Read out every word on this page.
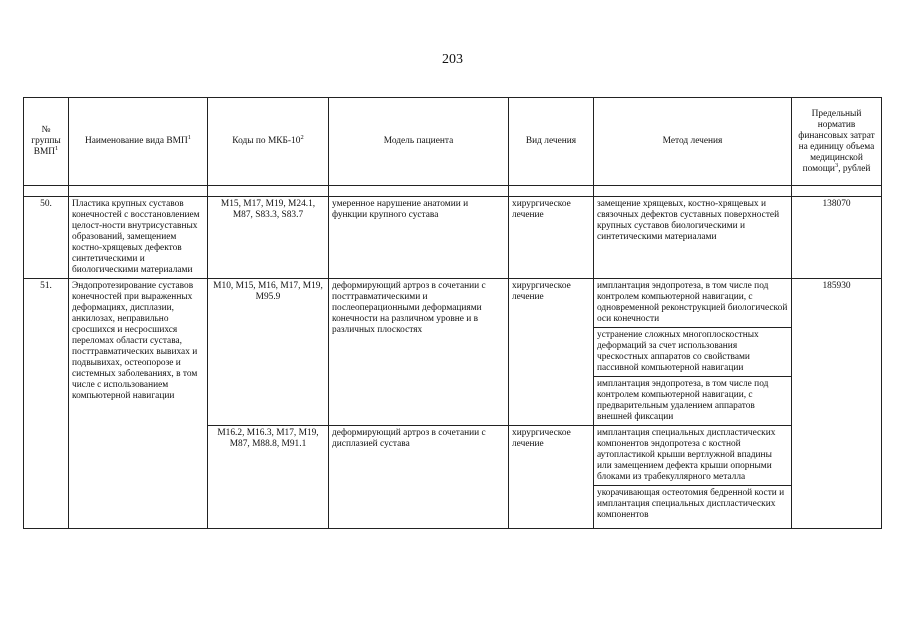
203
№ группы ВМП$^1$	Наименование вида ВМП$^1$	Коды по МКБ-$10^2$	Модель пациента	Вид лечения	Метод лечения	Предельный норматив финансовых затрат на единицу объема медицинской помощи$^3$, рублей

50.	Пластика крупных суставов конечностей с восстановлением целост-ности внутрисуставных образований, замещением костно-хрящевых дефектов синтетическими и биологическими материалами	M15, M17, M19, M24.1, M87, S83.3, S83.7	умеренное нарушение анатомии и функции крупного сустава	хирургическое лечение	замещение хрящевых, костно-хрящевых и связочных дефектов суставных поверхностей крупных суставов биологическими и синтетическими материалами	138070
51.	Эндопротезирование суставов конечностей при выраженных деформациях, дисплазии, анкилозах, неправильно сросшихся и несросшихся переломах области сустава, посттравматических вывихах и подвывихах, остеопорозе и системных заболеваниях, в том числе с использованием компьютерной навигации	M10, M15, M16, M17, M19, M95.9	деформирующий артроз в сочетании с посттравматическими и послеоперационными деформациями конечности на различном уровне и в различных плоскостях	хирургическое лечение	имплантация эндопротеза, в том числе под контролем компьютерной навигации, с одновременной реконструкцией биологической оси конечности	185930
					устранение сложных многоплоскостных деформаций за счет использования чрескостных аппаратов со свойствами пассивной компьютерной навигации	
					имплантация эндопротеза, в том числе под контролем компьютерной навигации, с предварительным удалением аппаратов внешней фиксации	
		M16.2, M16.3, M17, M19, M87, M88.8, M91.1	деформирующий артроз в сочетании с дисплазией сустава	хирургическое лечение	имплантация специальных диспластических компонентов эндопротеза с костной аутопластикой крыши вертлужной впадины или замещением дефекта крыши опорными блоками из трабекуллярного металла	

					укорачивающая остеотомия бедренной кости и имплантация специальных диспластических компонентов	
